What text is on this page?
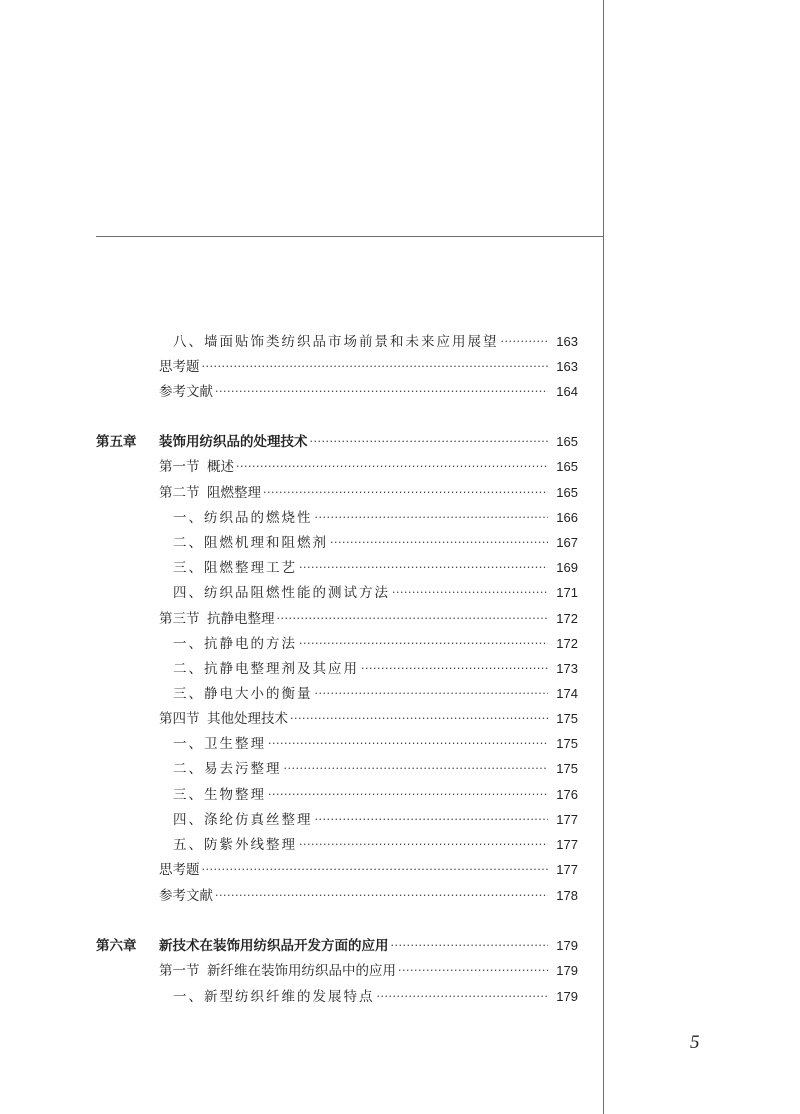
八、墙面贴饰类纺织品市场前景和未来应用展望 ·····	163
思考题 ·····	163
参考文献 ·····	164
第五章 装饰用纺织品的处理技术 ·····	165
第一节 概述 ·····	165
第二节 阻燃整理 ·····	165
一、纺织品的燃烧性 ·····	166
二、阻燃机理和阻燃剂 ·····	167
三、阻燃整理工艺 ·····	169
四、纺织品阻燃性能的测试方法 ·····	171
第三节 抗静电整理 ·····	172
一、抗静电的方法 ·····	172
二、抗静电整理剂及其应用 ·····	173
三、静电大小的衡量 ·····	174
第四节 其他处理技术 ·····	175
一、卫生整理 ·····	175
二、易去污整理 ·····	175
三、生物整理 ·····	176
四、涤纶仿真丝整理 ·····	177
五、防紫外线整理 ·····	177
思考题 ·····	177
参考文献 ·····	178
第六章 新技术在装饰用纺织品开发方面的应用 ·····	179
第一节 新纤维在装饰用纺织品中的应用 ·····	179
一、新型纺织纤维的发展特点 ·····	179
5
